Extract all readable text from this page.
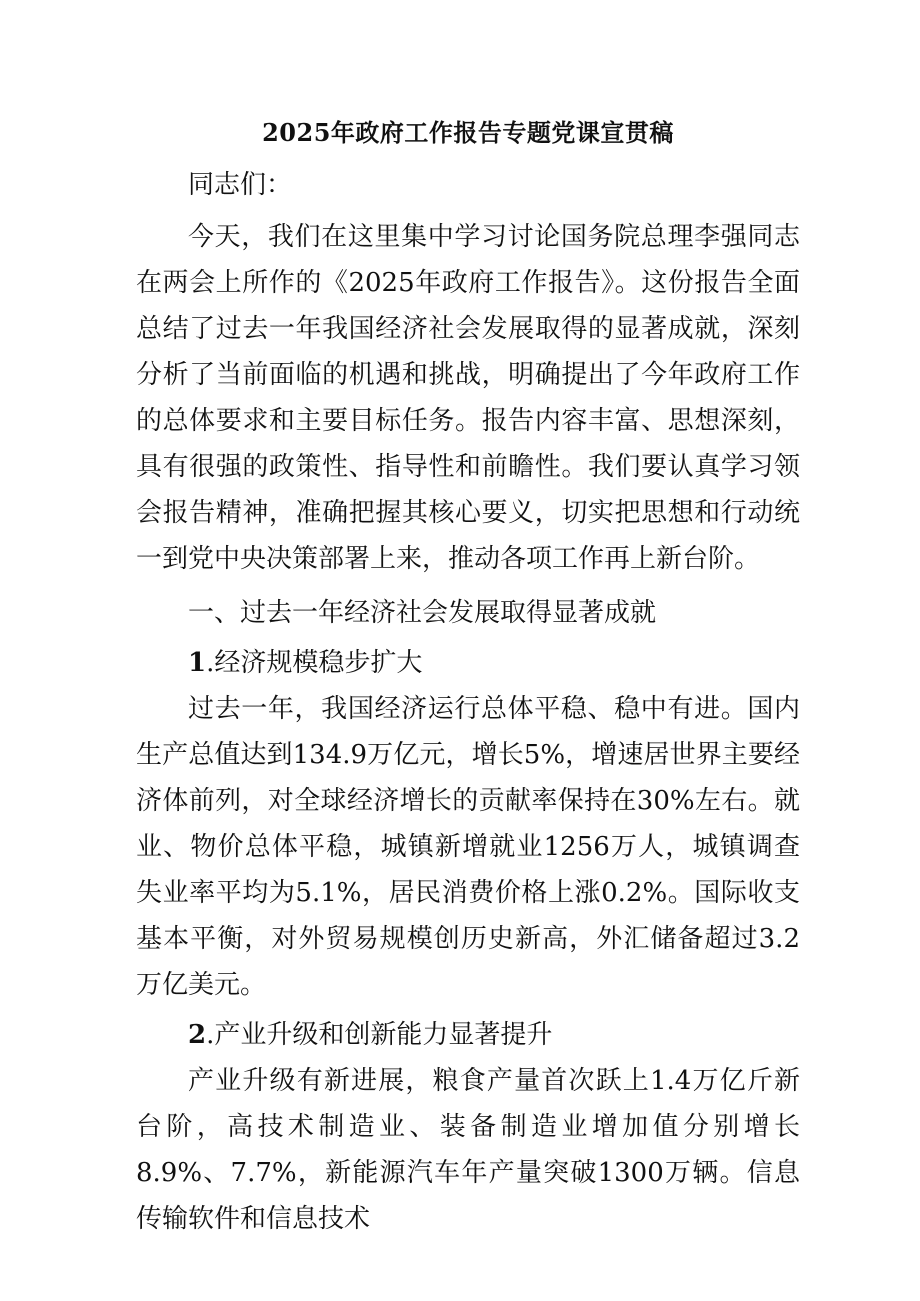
2025年政府工作报告专题党课宣贯稿

同志们：

今天，我们在这里集中学习讨论国务院总理李强同志在两会上所作的《2025年政府工作报告》。这份报告全面总结了过去一年我国经济社会发展取得的显著成就，深刻分析了当前面临的机遇和挑战，明确提出了今年政府工作的总体要求和主要目标任务。报告内容丰富、思想深刻，具有很强的政策性、指导性和前瞻性。我们要认真学习领会报告精神，准确把握其核心要义，切实把思想和行动统一到党中央决策部署上来，推动各项工作再上新台阶。

一、过去一年经济社会发展取得显著成就

1.经济规模稳步扩大

过去一年，我国经济运行总体平稳、稳中有进。国内生产总值达到134.9万亿元，增长5%，增速居世界主要经济体前列，对全球经济增长的贡献率保持在30%左右。就业、物价总体平稳，城镇新增就业1256万人，城镇调查失业率平均为5.1%，居民消费价格上涨0.2%。国际收支基本平衡，对外贸易规模创历史新高，外汇储备超过3.2万亿美元。

2.产业升级和创新能力显著提升

产业升级有新进展，粮食产量首次跃上1.4万亿斤新台阶，高技术制造业、装备制造业增加值分别增长8.9%、7.7%，新能源汽车年产量突破1300万辆。信息传输软件和信息技术
